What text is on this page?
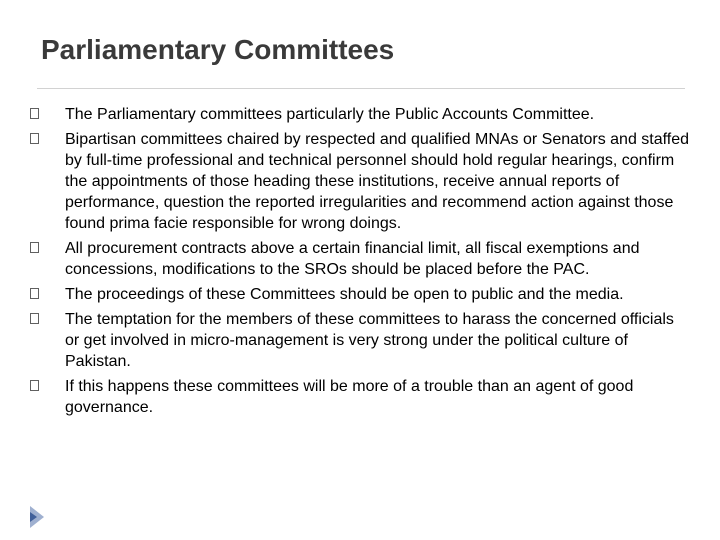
Parliamentary Committees
The Parliamentary committees particularly the Public Accounts Committee.
Bipartisan committees chaired by respected and qualified MNAs or Senators and staffed by full-time professional and technical personnel should hold regular hearings, confirm the appointments of those heading these institutions, receive annual reports of performance, question the reported irregularities and recommend action against those found prima facie responsible for wrong doings.
All procurement contracts above a certain financial limit, all fiscal exemptions and concessions, modifications to the SROs should be placed before the PAC.
The proceedings of these Committees should be open to public and the media.
The temptation for the members of these committees to harass the concerned officials or get involved in micro-management is very strong under the political culture of Pakistan.
If this happens these committees will be more of a trouble than an agent of good governance.
